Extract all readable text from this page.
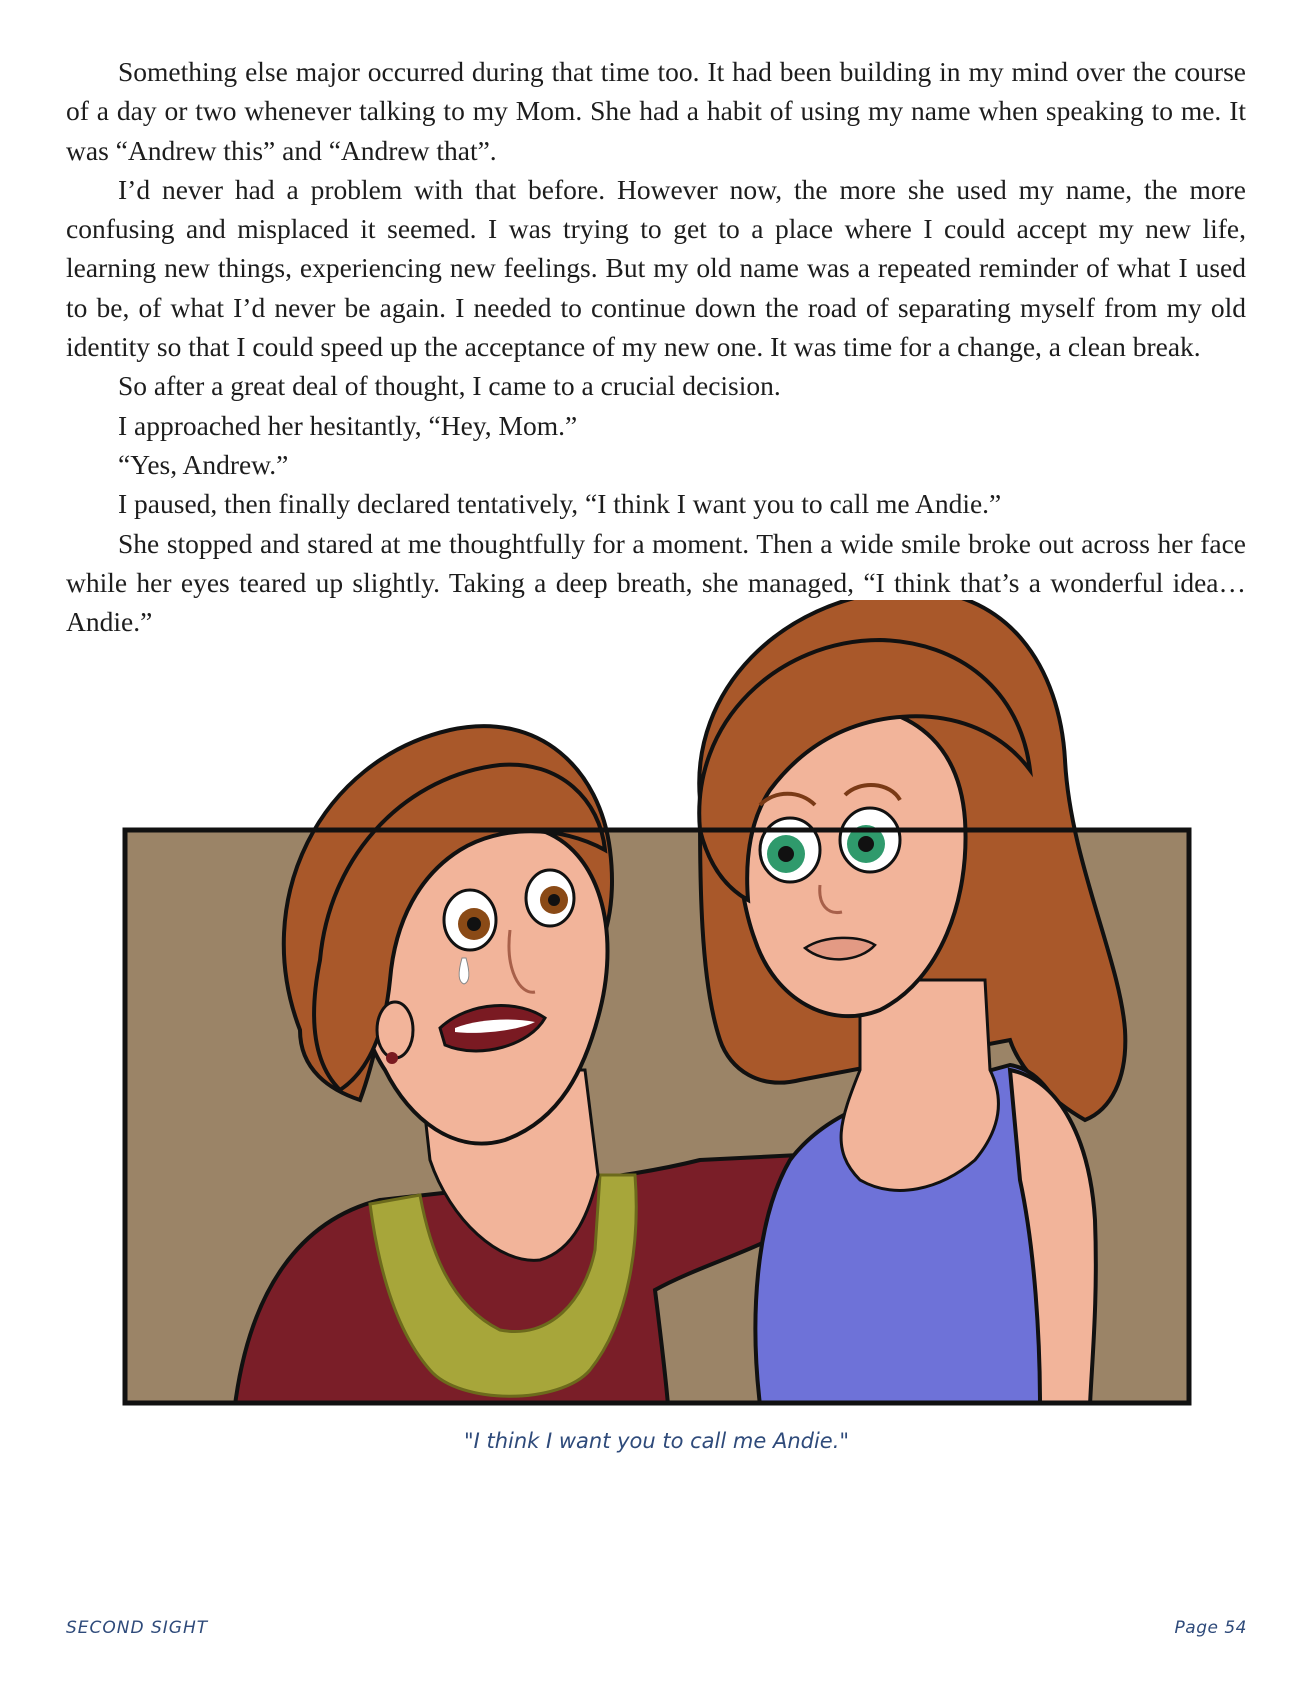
Something else major occurred during that time too. It had been building in my mind over the course of a day or two whenever talking to my Mom. She had a habit of using my name when speaking to me. It was “Andrew this” and “Andrew that”.

I’d never had a problem with that before. However now, the more she used my name, the more confusing and misplaced it seemed. I was trying to get to a place where I could accept my new life, learning new things, experiencing new feelings. But my old name was a repeated reminder of what I used to be, of what I’d never be again. I needed to continue down the road of separating myself from my old identity so that I could speed up the acceptance of my new one. It was time for a change, a clean break.

So after a great deal of thought, I came to a crucial decision.

I approached her hesitantly, “Hey, Mom.”

“Yes, Andrew.”

I paused, then finally declared tentatively, “I think I want you to call me Andie.”

She stopped and stared at me thoughtfully for a moment. Then a wide smile broke out across her face while her eyes teared up slightly. Taking a deep breath, she managed, “I think that’s a wonderful idea… Andie.”

"I think I want you to call me Andie."
SECOND SIGHT	Page 54
